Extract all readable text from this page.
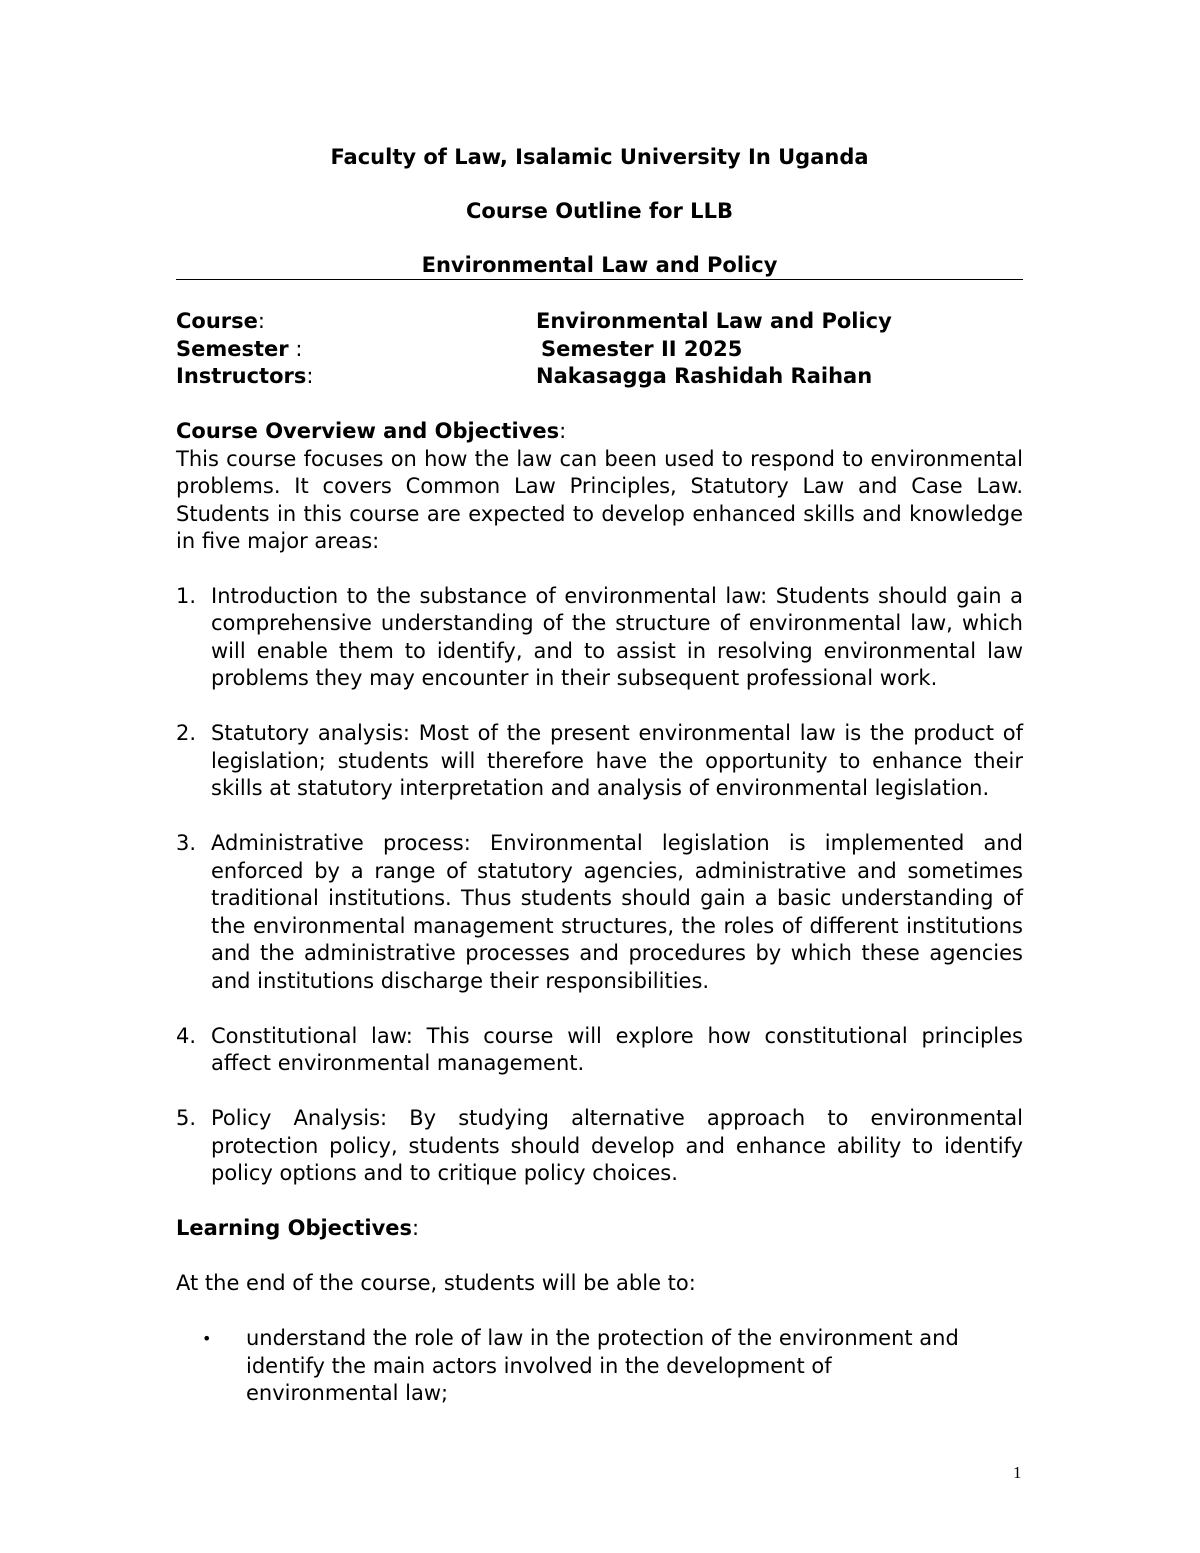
Faculty of Law, Isalamic University In Uganda

Course Outline for LLB

Environmental Law and Policy

Course:	Environmental Law and Policy
Semester :	Semester II 2025
Instructors:	Nakasagga Rashidah Raihan

Course Overview and Objectives:

This course focuses on how the law can been used to respond to environmental problems. It covers Common Law Principles, Statutory Law and Case Law. Students in this course are expected to develop enhanced skills and knowledge in five major areas:

1. Introduction to the substance of environmental law: Students should gain a comprehensive understanding of the structure of environmental law, which will enable them to identify, and to assist in resolving environmental law problems they may encounter in their subsequent professional work.
2. Statutory analysis: Most of the present environmental law is the product of legislation; students will therefore have the opportunity to enhance their skills at statutory interpretation and analysis of environmental legislation.
3. Administrative process: Environmental legislation is implemented and enforced by a range of statutory agencies, administrative and sometimes traditional institutions. Thus students should gain a basic understanding of the environmental management structures, the roles of different institutions and the administrative processes and procedures by which these agencies and institutions discharge their responsibilities.
4. Constitutional law: This course will explore how constitutional principles affect environmental management.
5. Policy Analysis: By studying alternative approach to environmental protection policy, students should develop and enhance ability to identify policy options and to critique policy choices.

Learning Objectives:

At the end of the course, students will be able to:

• understand the role of law in the protection of the environment and identify the main actors involved in the development of environmental law;
1
